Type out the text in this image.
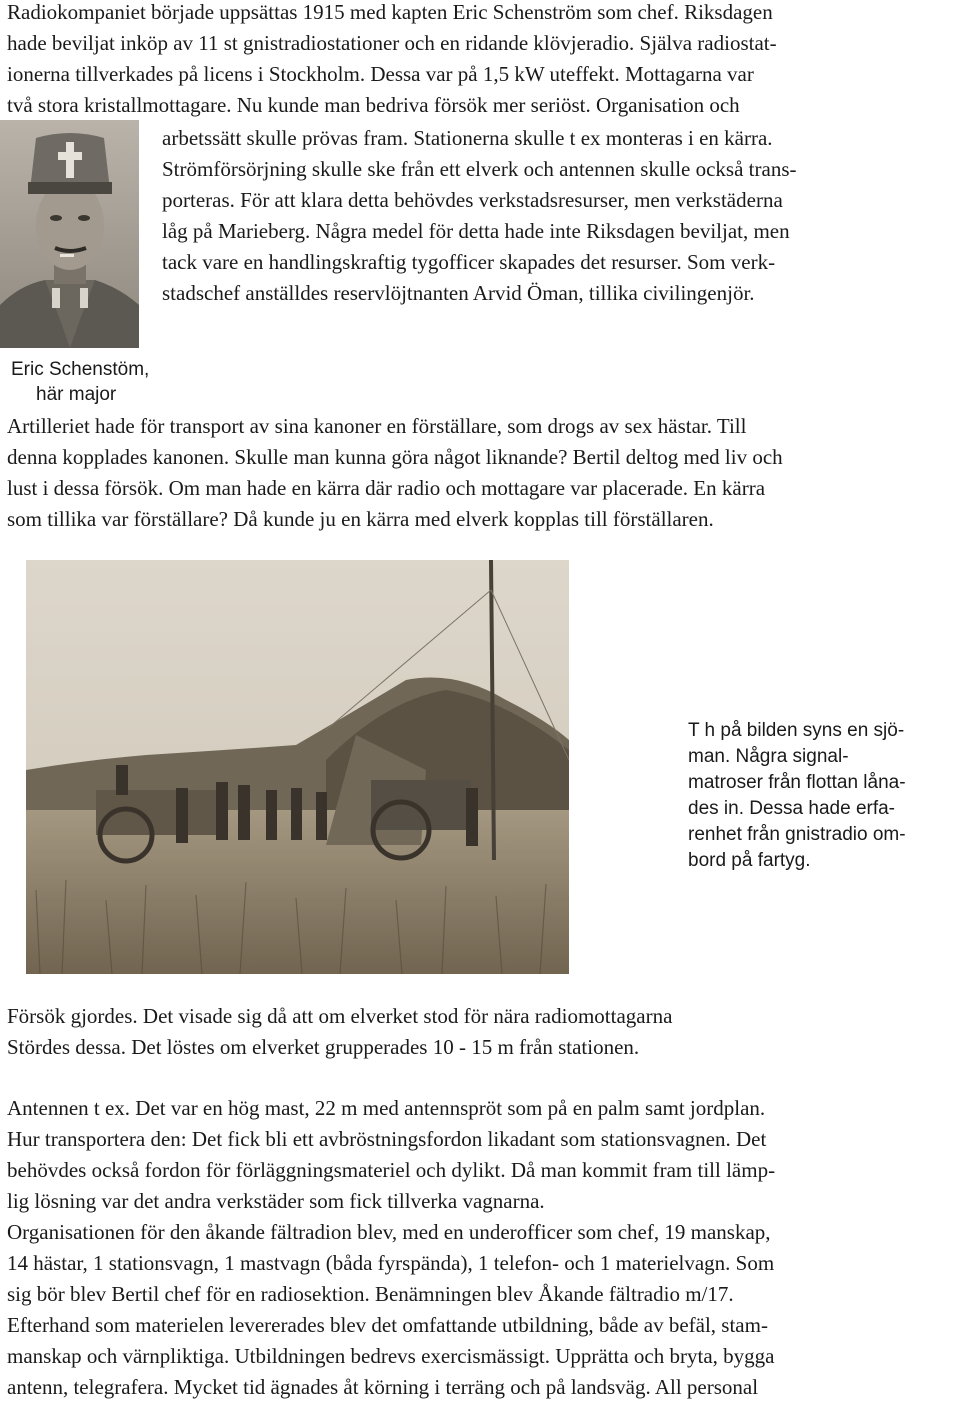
Radiokompaniet började uppsättas 1915 med kapten Eric Schenström som chef. Riksdagen
hade beviljat inköp av 11 st gnistradiostationer och en ridande klövjeradio. Själva radiostat-
ionerna tillverkades på licens i Stockholm. Dessa var på 1,5 kW uteffekt. Mottagarna var
två stora kristallmottagare. Nu kunde man bedriva försök mer seriöst. Organisation och
arbetssätt skulle prövas fram. Stationerna skulle t ex monteras i en kärra.
Strömförsörjning skulle ske från ett elverk och antennen skulle också trans-
porteras. För att klara detta behövdes verkstadsresurser, men verkstäderna
låg på Marieberg. Några medel för detta hade inte Riksdagen beviljat, men
tack vare en handlingskraftig tygofficer skapades det resurser. Som verk-
stadschef anställdes reservlöjtnanten Arvid Öman, tillika civilingenjör.
Eric Schenstöm,
här major
Artilleriet hade för transport av sina kanoner en förställare, som drogs av sex hästar. Till
denna kopplades kanonen. Skulle man kunna göra något liknande? Bertil deltog med liv och
lust i dessa försök. Om man hade en kärra där radio och mottagare var placerade. En kärra
som tillika var förställare? Då kunde ju en kärra med elverk kopplas till förställaren.
T h på bilden syns en sjö-
man. Några signal-
matroser från flottan låna-
des in. Dessa hade erfa-
renhet från gnistradio om-
bord på fartyg.
Försök gjordes. Det visade sig då att om elverket stod för nära radiomottagarna
Stördes dessa. Det löstes om elverket grupperades 10 - 15 m från stationen.
Antennen t ex. Det var en hög mast, 22 m med antennspröt som på en palm samt jordplan.
Hur transportera den: Det fick bli ett avbröstningsfordon likadant som stationsvagnen. Det
behövdes också fordon för förläggningsmateriel och dylikt. Då man kommit fram till lämp-
lig lösning var det andra verkstäder som fick tillverka vagnarna.
Organisationen för den åkande fältradion blev, med en underofficer som chef, 19 manskap,
14 hästar, 1 stationsvagn, 1 mastvagn (båda fyrspända), 1 telefon- och 1 materielvagn. Som
sig bör blev Bertil chef för en radiosektion. Benämningen blev Åkande fältradio m/17.
Efterhand som materielen levererades blev det omfattande utbildning, både av befäl, stam-
manskap och värnpliktiga. Utbildningen bedrevs exercismässigt. Upprätta och bryta, bygga
antenn, telegrafera. Mycket tid ägnades åt körning i terräng och på landsväg. All personal
